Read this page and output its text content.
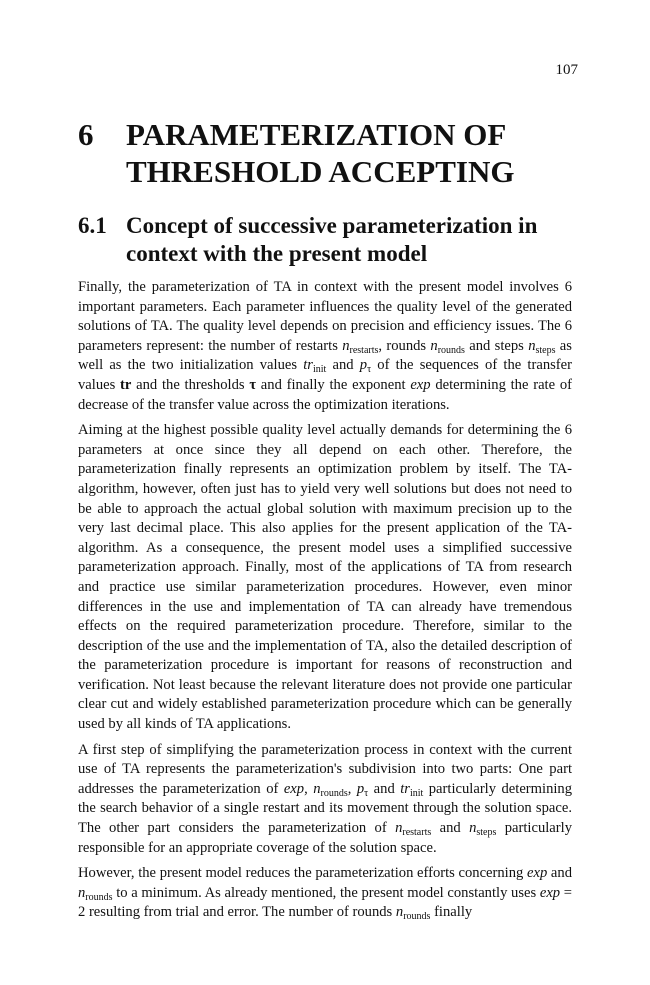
107
6	PARAMETERIZATION OF THRESHOLD ACCEPTING
6.1 Concept of successive parameterization in context with the present model

Finally, the parameterization of TA in context with the present model involves 6 important parameters. Each parameter influences the quality level of the generated solutions of TA. The quality level depends on precision and efficiency issues. The 6 parameters represent: the number of restarts $n_{restarts}$, rounds $n_{rounds}$ and steps $n_{steps}$ as well as the two initialization values $tr_{init}$ and $p_\tau$ of the sequences of the transfer values tr and the thresholds τ and finally the exponent exp determining the rate of decrease of the transfer value across the optimization iterations.

Aiming at the highest possible quality level actually demands for determining the 6 parameters at once since they all depend on each other. Therefore, the parameterization finally represents an optimization problem by itself. The TA-algorithm, however, often just has to yield very well solutions but does not need to be able to approach the actual global solution with maximum precision up to the very last decimal place. This also applies for the present application of the TA-algorithm. As a consequence, the present model uses a simplified successive parameterization approach. Finally, most of the applications of TA from research and practice use similar parameterization procedures. However, even minor differences in the use and implementation of TA can already have tremendous effects on the required parameterization procedure. Therefore, similar to the description of the use and the implementation of TA, also the detailed description of the parameterization procedure is important for reasons of reconstruction and verification. Not least because the relevant literature does not provide one particular clear cut and widely established parameterization procedure which can be generally used by all kinds of TA applications.

A first step of simplifying the parameterization process in context with the current use of TA represents the parameterization's subdivision into two parts: One part addresses the parameterization of exp, $n_{rounds}$, $p_\tau$ and $tr_{init}$ particularly determining the search behavior of a single restart and its movement through the solution space. The other part considers the parameterization of $n_{restarts}$ and $n_{steps}$ particularly responsible for an appropriate coverage of the solution space.

However, the present model reduces the parameterization efforts concerning exp and $n_{rounds}$ to a minimum. As already mentioned, the present model constantly uses exp = 2 resulting from trial and error. The number of rounds $n_{rounds}$ finally
